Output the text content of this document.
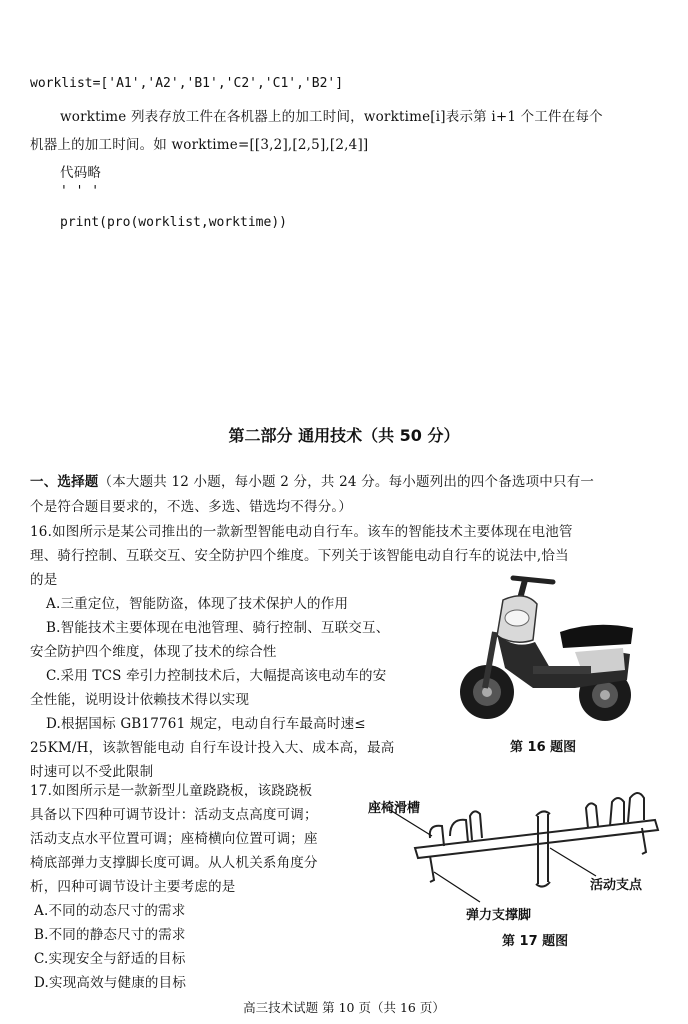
worklist=['A1','A2','B1','C2','C1','B2']
worktime 列表存放工件在各机器上的加工时间，worktime[i]表示第 i+1 个工件在每个
机器上的加工时间。如 worktime=[[3,2],[2,5],[2,4]]
代码略
' ' '
print(pro(worklist,worktime))
第二部分 通用技术（共 50 分）
一、选择题（本大题共 12 小题，每小题 2 分，共 24 分。每小题列出的四个备选项中只有一
个是符合题目要求的，不选、多选、错选均不得分。）
16.如图所示是某公司推出的一款新型智能电动自行车。该车的智能技术主要体现在电池管
理、骑行控制、互联交互、安全防护四个维度。下列关于该智能电动自行车的说法中,恰当
的是
A.三重定位，智能防盗，体现了技术保护人的作用
B.智能技术主要体现在电池管理、骑行控制、互联交互、
安全防护四个维度，体现了技术的综合性
C.采用 TCS 牵引力控制技术后，大幅提高该电动车的安
全性能，说明设计依赖技术得以实现
D.根据国标 GB17761 规定，电动自行车最高时速≤
25KM/H，该款智能电动 自行车设计投入大、成本高，最高
时速可以不受此限制
第 16 题图
17.如图所示是一款新型儿童跷跷板，该跷跷板
具备以下四种可调节设计：活动支点高度可调；
活动支点水平位置可调；座椅横向位置可调；座
椅底部弹力支撑脚长度可调。从人机关系角度分
析，四种可调节设计主要考虑的是
A.不同的动态尺寸的需求
B.不同的静态尺寸的需求
C.实现安全与舒适的目标
D.实现高效与健康的目标
座椅滑槽
活动支点
弹力支撑脚
第 17 题图
高三技术试题 第 10 页（共 16 页）
